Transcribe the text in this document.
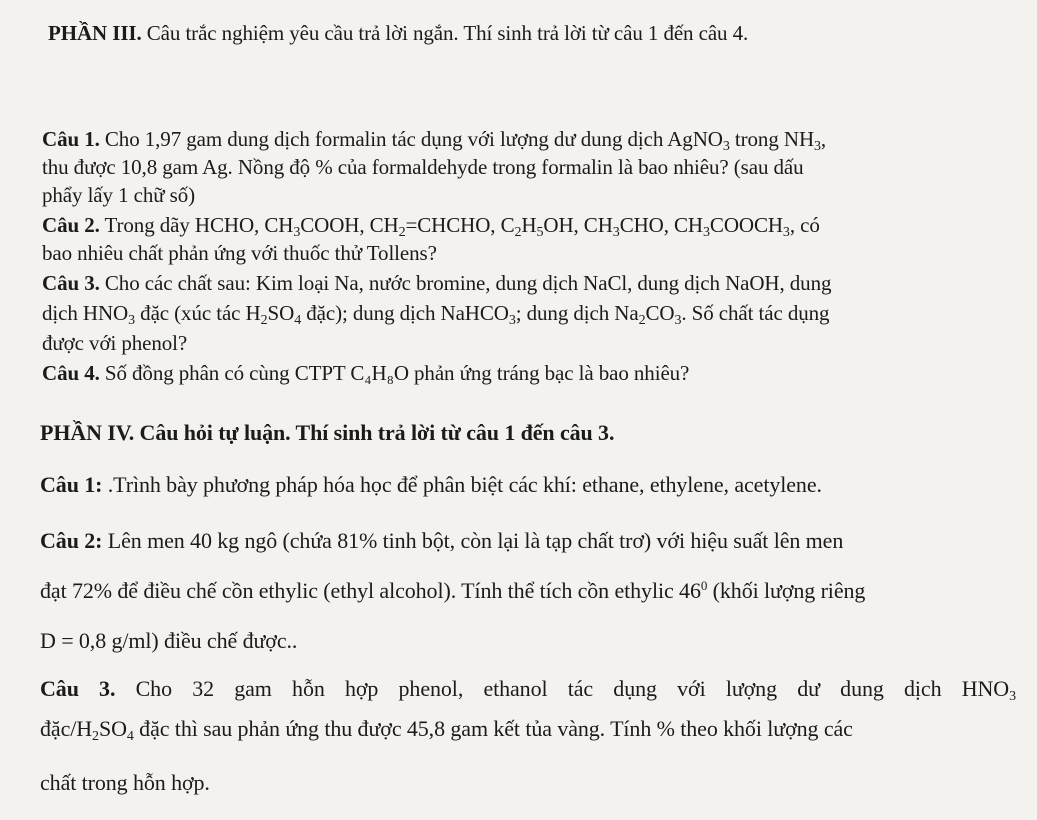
PHẦN III. Câu trắc nghiệm yêu cầu trả lời ngắn. Thí sinh trả lời từ câu 1 đến câu 4.
Câu 1. Cho 1,97 gam dung dịch formalin tác dụng với lượng dư dung dịch AgNO$_3$ trong $NH_3$,
thu được 10,8 gam Ag. Nồng độ % của formaldehyde trong formalin là bao nhiêu? (sau dấu
phẩy lấy 1 chữ số)
Câu 2. Trong dãy HCHO, $CH_3COOH$, $CH_2=CHCHO$, $C_2H_5OH$, $CH_3CHO$, $CH_3COOCH_3$, có
bao nhiêu chất phản ứng với thuốc thử Tollens?
Câu 3. Cho các chất sau: Kim loại Na, nước bromine, dung dịch NaCl, dung dịch NaOH, dung
dịch $HNO_3$ đặc (xúc tác $H_2SO_4$ đặc); dung dịch NaHCO$_3$; dung dịch $Na_2CO_3$. Số chất tác dụng
được với phenol?
Câu 4. Số đồng phân có cùng CTPT C₄H₈O phản ứng tráng bạc là bao nhiêu?
PHẦN IV. Câu hỏi tự luận. Thí sinh trả lời từ câu 1 đến câu 3.
Câu 1: .Trình bày phương pháp hóa học để phân biệt các khí: ethane, ethylene, acetylene.
Câu 2: Lên men 40 kg ngô (chứa 81% tinh bột, còn lại là tạp chất trơ) với hiệu suất lên men
đạt 72% để điều chế cồn ethylic (ethyl alcohol). Tính thể tích cồn ethylic $46^0$ (khối lượng riêng
D = 0,8 g/ml) điều chế được..
Câu 3. Cho 32 gam hỗn hợp phenol, ethanol tác dụng với lượng dư dung dịch $HNO_3$
đặc/$H_2SO_4$ đặc thì sau phản ứng thu được 45,8 gam kết tủa vàng. Tính % theo khối lượng các
chất trong hỗn hợp.
